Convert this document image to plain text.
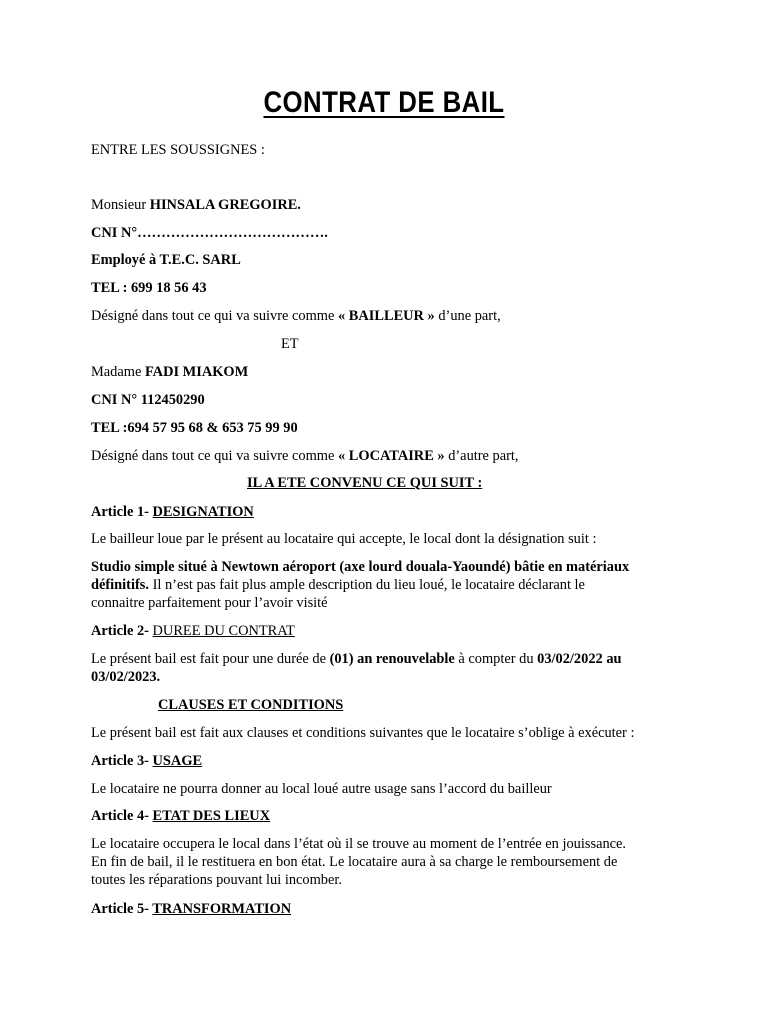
CONTRAT DE BAIL
ENTRE LES SOUSSIGNES :
Monsieur HINSALA GREGOIRE.
CNI N°………………………………….
Employé à T.E.C. SARL
TEL : 699 18 56 43
Désigné dans tout ce qui va suivre comme « BAILLEUR » d’une part,
ET
Madame FADI MIAKOM
CNI N° 112450290
TEL :694 57 95 68 & 653 75 99 90
Désigné dans tout ce qui va suivre comme « LOCATAIRE » d’autre part,
IL A ETE CONVENU CE QUI SUIT :
Article 1- DESIGNATION
Le bailleur loue par le présent au locataire qui accepte, le local dont la désignation suit :
Studio simple situé à Newtown aéroport (axe lourd douala-Yaoundé) bâtie en matériaux
définitifs. Il n’est pas fait plus ample description du lieu loué, le locataire déclarant le
connaitre parfaitement pour l’avoir visité
Article 2- DUREE DU CONTRAT
Le présent bail est fait pour une durée de (01) an renouvelable à compter du 03/02/2022 au
03/02/2023.
CLAUSES ET CONDITIONS
Le présent bail est fait aux clauses et conditions suivantes que le locataire s’oblige à exécuter :
Article 3- USAGE
Le locataire ne pourra donner au local loué autre usage sans l’accord du bailleur
Article 4- ETAT DES LIEUX
Le locataire occupera le local dans l’état où il se trouve au moment de l’entrée en jouissance.
En fin de bail, il le restituera en bon état. Le locataire aura à sa charge le remboursement de
toutes les réparations pouvant lui incomber.
Article 5- TRANSFORMATION
